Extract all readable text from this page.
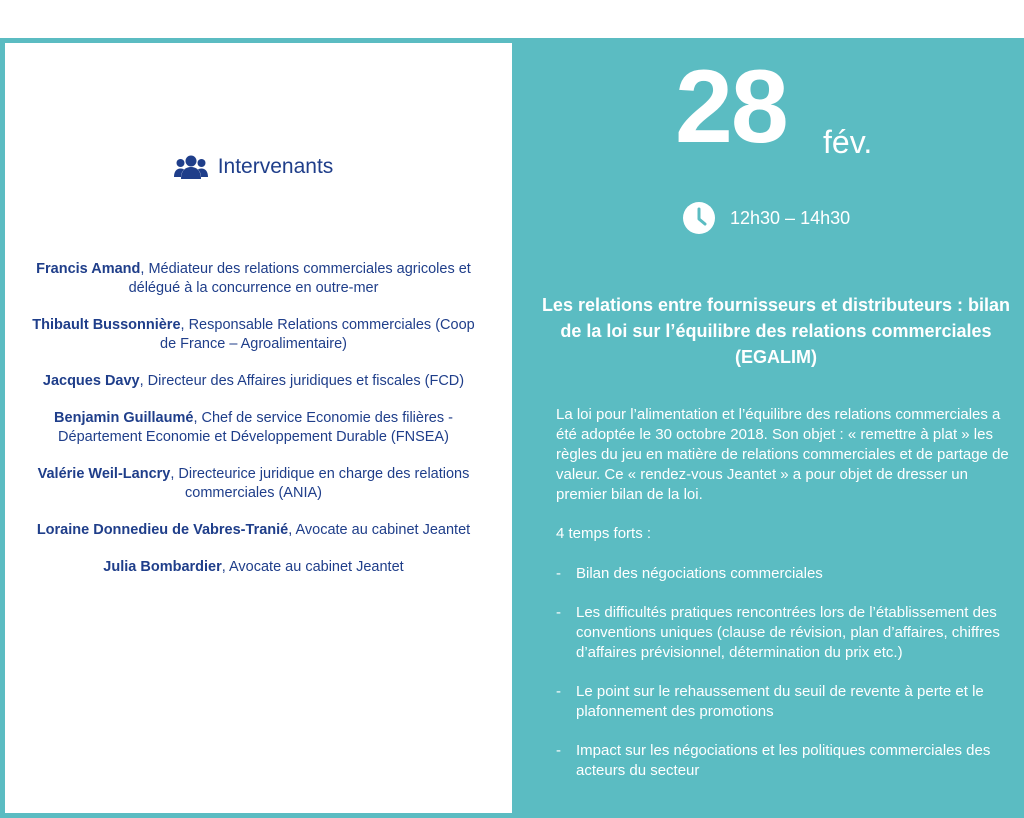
Intervenants
Francis Amand, Médiateur des relations commerciales agricoles et délégué à la concurrence en outre-mer
Thibault Bussonnière, Responsable Relations commerciales (Coop de France – Agroalimentaire)
Jacques Davy, Directeur des Affaires juridiques et fiscales (FCD)
Benjamin Guillaumé, Chef de service Economie des filières - Département Economie et Développement Durable (FNSEA)
Valérie Weil-Lancry, Directeurice juridique en charge des relations commerciales (ANIA)
Loraine Donnedieu de Vabres-Tranié, Avocate au cabinet Jeantet
Julia Bombardier, Avocate au cabinet Jeantet
28 fév.
12h30 – 14h30
Les relations entre fournisseurs et distributeurs : bilan de la loi sur l’équilibre des relations commerciales (EGALIM)
La loi pour l’alimentation et l’équilibre des relations commerciales a été adoptée le 30 octobre 2018. Son objet : « remettre à plat » les règles du jeu en matière de relations commerciales et de partage de valeur. Ce « rendez-vous Jeantet » a pour objet de dresser un premier bilan de la loi.
4 temps forts :
- Bilan des négociations commerciales
- Les difficultés pratiques rencontrées lors de l’établissement des conventions uniques (clause de révision, plan d’affaires, chiffres d’affaires prévisionnel, détermination du prix etc.)
- Le point sur le rehaussement du seuil de revente à perte et le plafonnement des promotions
- Impact sur les négociations et les politiques commerciales des acteurs du secteur
